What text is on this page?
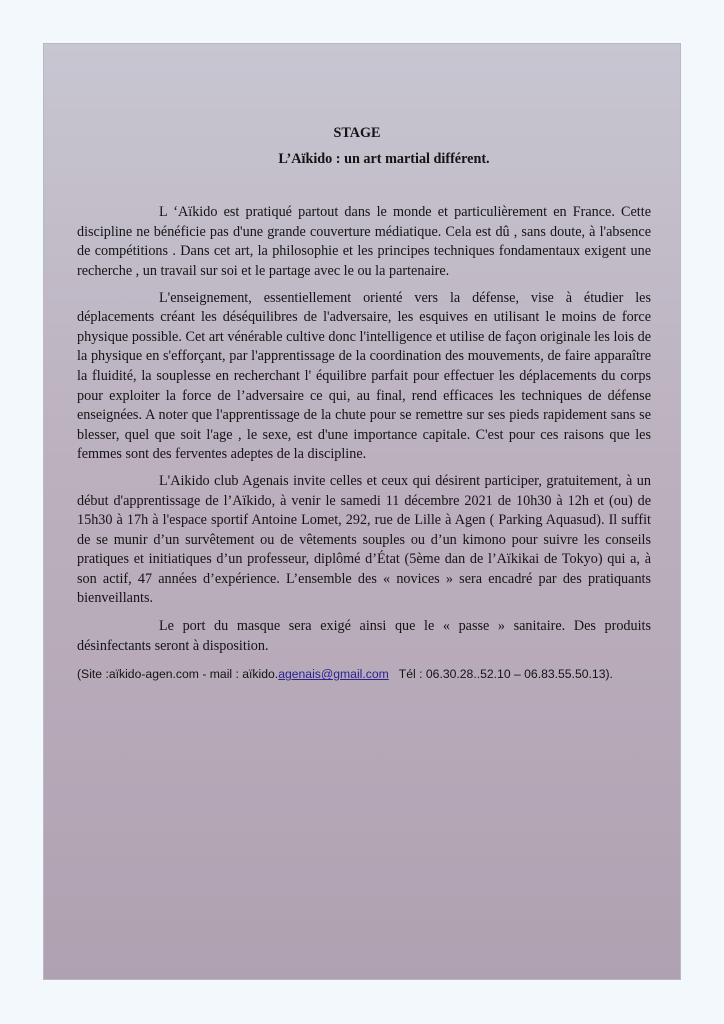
STAGE

L’Aïkido : un art martial différent.

L ‘Aïkido est pratiqué partout dans le monde et particulièrement en France. Cette discipline ne bénéficie pas d'une grande couverture médiatique. Cela est dû , sans doute, à l'absence de compétitions . Dans cet art, la philosophie et les principes techniques fondamentaux exigent une recherche , un travail sur soi et le partage avec le ou la partenaire.

L'enseignement, essentiellement orienté vers la défense, vise à étudier les déplacements créant les déséquilibres de l'adversaire, les esquives en utilisant le moins de force physique possible. Cet art vénérable cultive donc l'intelligence et utilise de façon originale les lois de la physique en s'efforçant, par l'apprentissage de la coordination des mouvements, de faire apparaître la fluidité, la souplesse en recherchant l' équilibre parfait pour effectuer les déplacements du corps pour exploiter la force de l’adversaire ce qui, au final, rend efficaces les techniques de défense enseignées. A noter que l'apprentissage de la chute pour se remettre sur ses pieds rapidement sans se blesser, quel que soit l'age , le sexe, est d'une importance capitale. C'est pour ces raisons que les femmes sont des ferventes adeptes de la discipline.

L'Aikido club Agenais invite celles et ceux qui désirent participer, gratuitement, à un début d'apprentissage de l’Aïkido, à venir le samedi 11 décembre 2021 de 10h30 à 12h et (ou) de 15h30 à 17h à l'espace sportif Antoine Lomet, 292, rue de Lille à Agen ( Parking Aquasud). Il suffit de se munir d’un survêtement ou de vêtements souples ou d’un kimono pour suivre les conseils pratiques et initiatiques d’un professeur, diplômé d’État (5ème dan de l’Aïkikai de Tokyo) qui a, à son actif, 47 années d’expérience. L’ensemble des « novices » sera encadré par des pratiquants bienveillants.

Le port du masque sera exigé ainsi que le « passe » sanitaire. Des produits désinfectants seront à disposition.

(Site :aïkido-agen.com - mail : aïkido.agenais@gmail.com Tél : 06.30.28..52.10 – 06.83.55.50.13).
